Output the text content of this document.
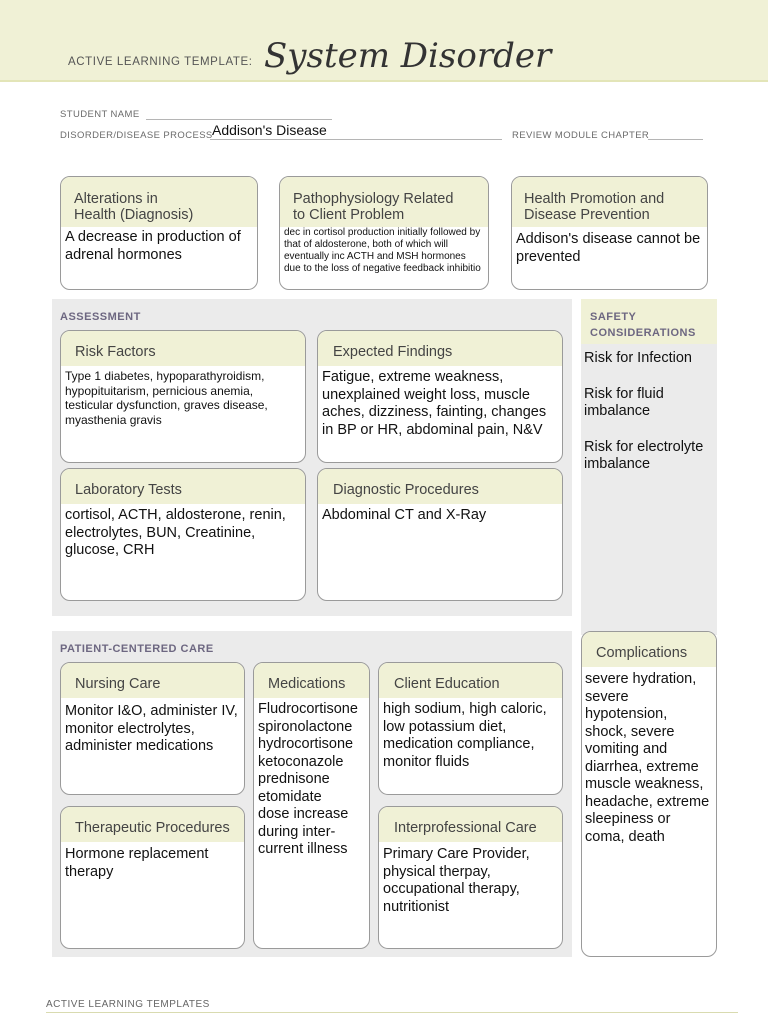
ACTIVE LEARNING TEMPLATE: System Disorder
STUDENT NAME
DISORDER/DISEASE PROCESS Addison's Disease	REVIEW MODULE CHAPTER
Alterations in
Health (Diagnosis)
A decrease in production of adrenal hormones
Pathophysiology Related
to Client Problem
dec in cortisol production initially followed by that of aldosterone, both of which will eventually inc ACTH and MSH hormones due to the loss of negative feedback inhibitio
Health Promotion and
Disease Prevention
Addison's disease cannot be prevented
ASSESSMENT
Risk Factors
Type 1 diabetes, hypoparathyroidism, hypopituitarism, pernicious anemia, testicular dysfunction, graves disease, myasthenia gravis
Expected Findings
Fatigue, extreme weakness, unexplained weight loss, muscle aches, dizziness, fainting, changes in BP or HR, abdominal pain, N&V
Laboratory Tests
cortisol, ACTH, aldosterone, renin, electrolytes, BUN, Creatinine, glucose, CRH
Diagnostic Procedures
Abdominal CT and X-Ray
SAFETY
CONSIDERATIONS
Risk for Infection
Risk for fluid imbalance
Risk for electrolyte imbalance
PATIENT-CENTERED CARE
Nursing Care
Monitor I&O, administer IV, monitor electrolytes, administer medications
Medications
Fludrocortisone
spironolactone
hydrocortisone
ketoconazole
prednisone
etomidate
dose increase during inter-current illness
Client Education
high sodium, high caloric, low potassium diet, medication compliance, monitor fluids
Therapeutic Procedures
Hormone replacement therapy
Interprofessional Care
Primary Care Provider, physical therpay, occupational therapy, nutritionist
Complications
severe hydration, severe hypotension, shock, severe vomiting and diarrhea, extreme muscle weakness, headache, extreme sleepiness or coma, death
ACTIVE LEARNING TEMPLATES
